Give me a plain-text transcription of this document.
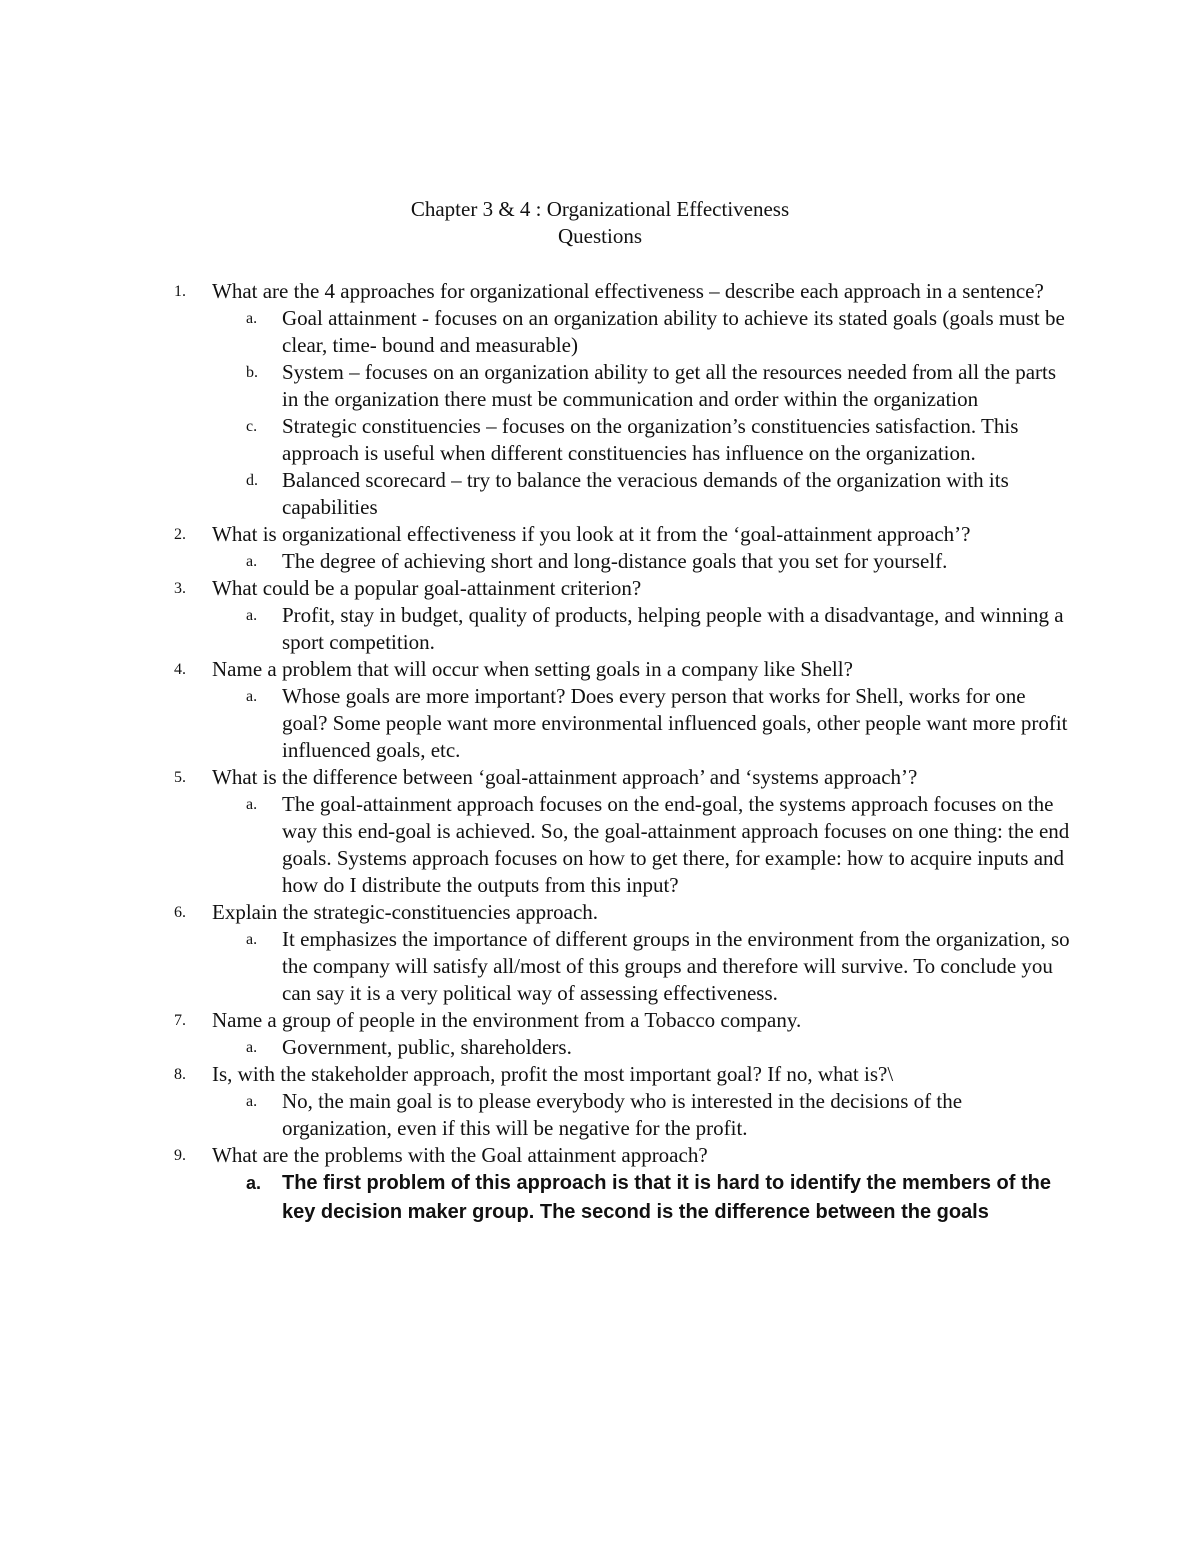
Chapter 3 & 4 : Organizational Effectiveness
Questions
1.	What are the 4 approaches for organizational effectiveness – describe each approach in a sentence?
a. Goal attainment - focuses on an organization ability to achieve its stated goals (goals must be clear, time- bound and measurable)
b. System – focuses on an organization ability to get all the resources needed from all the parts in the organization there must be communication and order within the organization
c. Strategic constituencies – focuses on the organization’s constituencies satisfaction. This approach is useful when different constituencies has influence on the organization.
d. Balanced scorecard – try to balance the veracious demands of the organization with its capabilities
2.	What is organizational effectiveness if you look at it from the ‘goal-attainment approach’?
a. The degree of achieving short and long-distance goals that you set for yourself.
3.	What could be a popular goal-attainment criterion?
a. Profit, stay in budget, quality of products, helping people with a disadvantage, and winning a sport competition.
4.	Name a problem that will occur when setting goals in a company like Shell?
a. Whose goals are more important? Does every person that works for Shell, works for one goal? Some people want more environmental influenced goals, other people want more profit influenced goals, etc.
5.	What is the difference between ‘goal-attainment approach’ and ‘systems approach’?
a. The goal-attainment approach focuses on the end-goal, the systems approach focuses on the way this end-goal is achieved. So, the goal-attainment approach focuses on one thing: the end goals. Systems approach focuses on how to get there, for example: how to acquire inputs and how do I distribute the outputs from this input?
6.	Explain the strategic-constituencies approach.
a. It emphasizes the importance of different groups in the environment from the organization, so the company will satisfy all/most of this groups and therefore will survive. To conclude you can say it is a very political way of assessing effectiveness.
7.	Name a group of people in the environment from a Tobacco company.
a. Government, public, shareholders.
8.	Is, with the stakeholder approach, profit the most important goal? If no, what is?\
a. No, the main goal is to please everybody who is interested in the decisions of the organization, even if this will be negative for the profit.
9.	What are the problems with the Goal attainment approach?
a. The first problem of this approach is that it is hard to identify the members of the key decision maker group. The second is the difference between the goals
